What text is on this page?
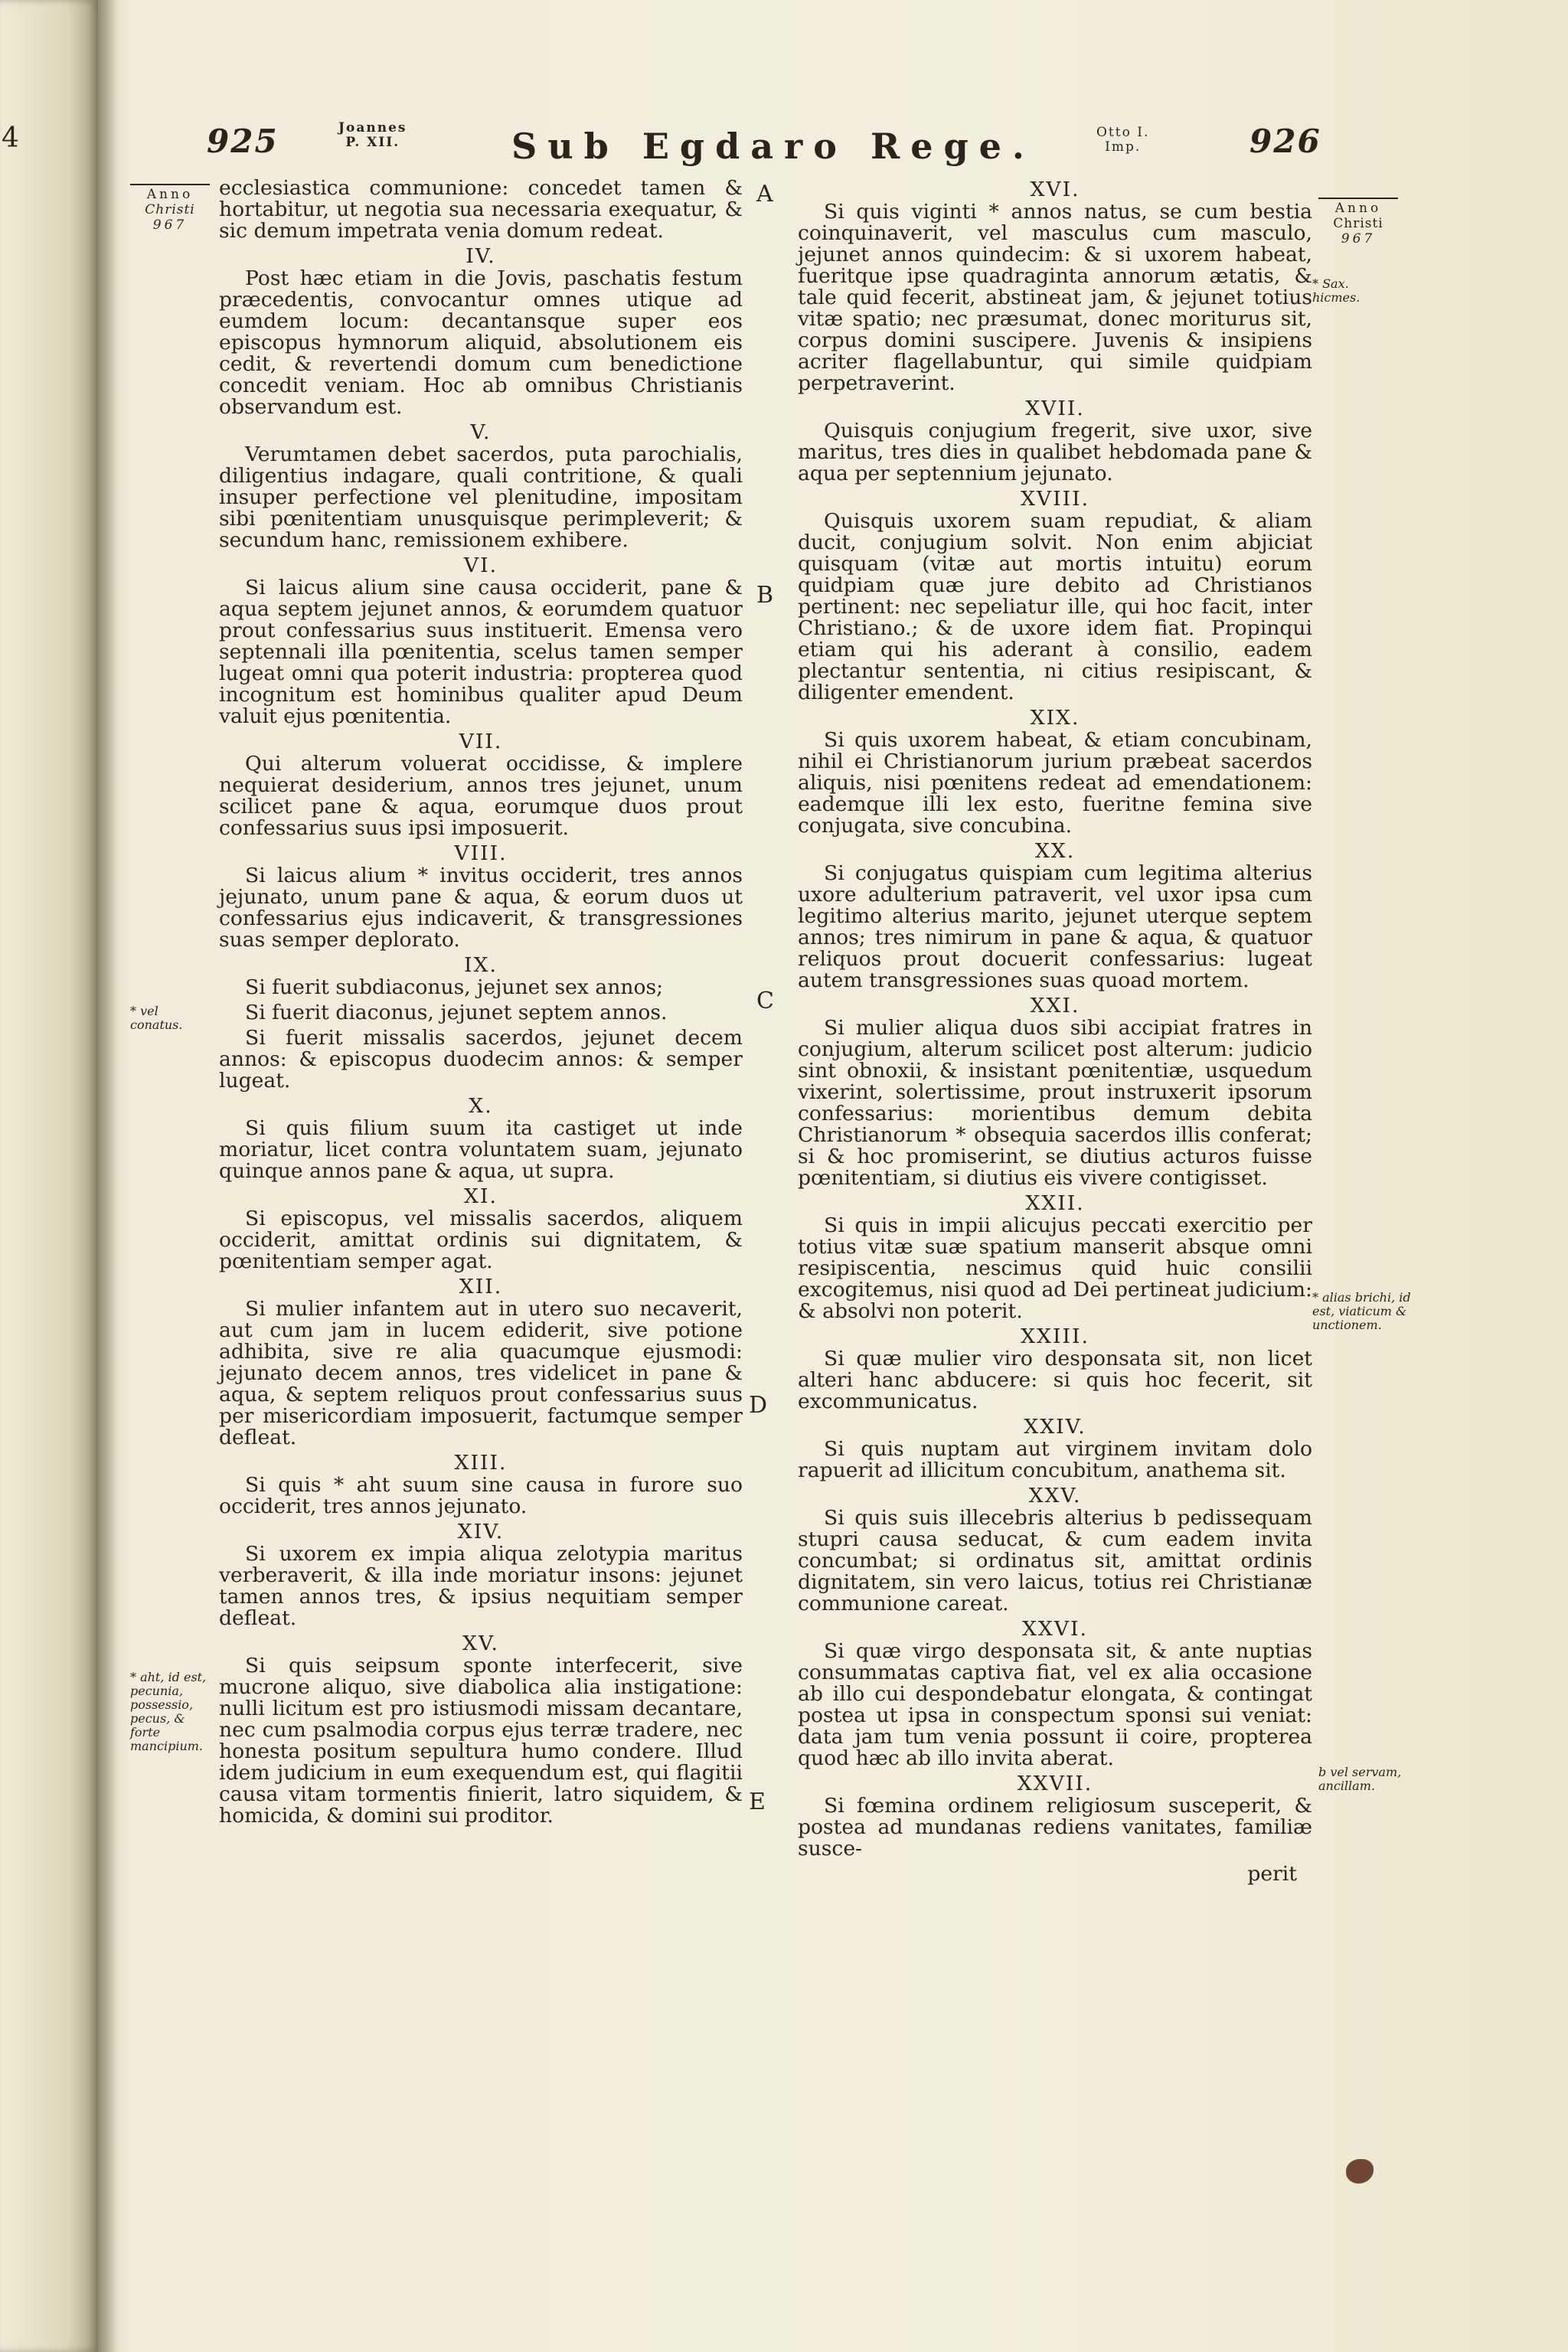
4	925	Joannes
P. XII.	Sub Egdaro Rege.	Otto I.
Imp.	926
Anno
Christi
967
Anno
Christi
967
* vel conatus.
* aht, id est, pecunia, possessio, pecus, & forte mancipium.
* Sax. hicmes.
* alias brichi, id est, viaticum & unctionem.
b vel servam, ancillam.
A
B
C
D
E

ecclesiastica communione: concedet tamen & hortabitur, ut negotia sua necessaria exequatur, & sic demum impetrata venia domum redeat.

IV.

Post hæc etiam in die Jovis, paschatis festum præcedentis, convocantur omnes utique ad eumdem locum: decantansque super eos episcopus hymnorum aliquid, absolutionem eis cedit, & revertendi domum cum benedictione concedit veniam. Hoc ab omnibus Christianis observandum est.

V.

Verumtamen debet sacerdos, puta parochialis, diligentius indagare, quali contritione, & quali insuper perfectione vel plenitudine, impositam sibi pœnitentiam unusquisque perimpleverit; & secundum hanc, remissionem exhibere.

VI.

Si laicus alium sine causa occiderit, pane & aqua septem jejunet annos, & eorumdem quatuor prout confessarius suus instituerit. Emensa vero septennali illa pœnitentia, scelus tamen semper lugeat omni qua poterit industria: propterea quod incognitum est hominibus qualiter apud Deum valuit ejus pœnitentia.

VII.

Qui alterum voluerat occidisse, & implere nequierat desiderium, annos tres jejunet, unum scilicet pane & aqua, eorumque duos prout confessarius suus ipsi imposuerit.

VIII.

Si laicus alium * invitus occiderit, tres annos jejunato, unum pane & aqua, & eorum duos ut confessarius ejus indicaverit, & transgressiones suas semper deplorato.

IX.

Si fuerit subdiaconus, jejunet sex annos;

Si fuerit diaconus, jejunet septem annos.

Si fuerit missalis sacerdos, jejunet decem annos: & episcopus duodecim annos: & semper lugeat.

X.

Si quis filium suum ita castiget ut inde moriatur, licet contra voluntatem suam, jejunato quinque annos pane & aqua, ut supra.

XI.

Si episcopus, vel missalis sacerdos, aliquem occiderit, amittat ordinis sui dignitatem, & pœnitentiam semper agat.

XII.

Si mulier infantem aut in utero suo necaverit, aut cum jam in lucem ediderit, sive potione adhibita, sive re alia quacumque ejusmodi: jejunato decem annos, tres videlicet in pane & aqua, & septem reliquos prout confessarius suus per misericordiam imposuerit, factumque semper defleat.

XIII.

Si quis * aht suum sine causa in furore suo occiderit, tres annos jejunato.

XIV.

Si uxorem ex impia aliqua zelotypia maritus verberaverit, & illa inde moriatur insons: jejunet tamen annos tres, & ipsius nequitiam semper defleat.

XV.

Si quis seipsum sponte interfecerit, sive mucrone aliquo, sive diabolica alia instigatione: nulli licitum est pro istiusmodi missam decantare, nec cum psalmodia corpus ejus terræ tradere, nec honesta positum sepultura humo condere. Illud idem judicium in eum exequendum est, qui flagitii causa vitam tormentis finierit, latro siquidem, & homicida, & domini sui proditor.

XVI.

Si quis viginti * annos natus, se cum bestia coinquinaverit, vel masculus cum masculo, jejunet annos quindecim: & si uxorem habeat, fueritque ipse quadraginta annorum ætatis, & tale quid fecerit, abstineat jam, & jejunet totius vitæ spatio; nec præsumat, donec moriturus sit, corpus domini suscipere. Juvenis & insipiens acriter flagellabuntur, qui simile quidpiam perpetraverint.

XVII.

Quisquis conjugium fregerit, sive uxor, sive maritus, tres dies in qualibet hebdomada pane & aqua per septennium jejunato.

XVIII.

Quisquis uxorem suam repudiat, & aliam ducit, conjugium solvit. Non enim abjiciat quisquam (vitæ aut mortis intuitu) eorum quidpiam quæ jure debito ad Christianos pertinent: nec sepeliatur ille, qui hoc facit, inter Christiano.; & de uxore idem fiat. Propinqui etiam qui his aderant à consilio, eadem plectantur sententia, ni citius resipiscant, & diligenter emendent.

XIX.

Si quis uxorem habeat, & etiam concubinam, nihil ei Christianorum jurium præbeat sacerdos aliquis, nisi pœnitens redeat ad emendationem: eademque illi lex esto, fueritne femina sive conjugata, sive concubina.

XX.

Si conjugatus quispiam cum legitima alterius uxore adulterium patraverit, vel uxor ipsa cum legitimo alterius marito, jejunet uterque septem annos; tres nimirum in pane & aqua, & quatuor reliquos prout docuerit confessarius: lugeat autem transgressiones suas quoad mortem.

XXI.

Si mulier aliqua duos sibi accipiat fratres in conjugium, alterum scilicet post alterum: judicio sint obnoxii, & insistant pœnitentiæ, usquedum vixerint, solertissime, prout instruxerit ipsorum confessarius: morientibus demum debita Christianorum * obsequia sacerdos illis conferat; si & hoc promiserint, se diutius acturos fuisse pœnitentiam, si diutius eis vivere contigisset.

XXII.

Si quis in impii alicujus peccati exercitio per totius vitæ suæ spatium manserit absque omni resipiscentia, nescimus quid huic consilii excogitemus, nisi quod ad Dei pertineat judicium: & absolvi non poterit.

XXIII.

Si quæ mulier viro desponsata sit, non licet alteri hanc abducere: si quis hoc fecerit, sit excommunicatus.

XXIV.

Si quis nuptam aut virginem invitam dolo rapuerit ad illicitum concubitum, anathema sit.

XXV.

Si quis suis illecebris alterius b pedissequam stupri causa seducat, & cum eadem invita concumbat; si ordinatus sit, amittat ordinis dignitatem, sin vero laicus, totius rei Christianæ communione careat.

XXVI.

Si quæ virgo desponsata sit, & ante nuptias consummatas captiva fiat, vel ex alia occasione ab illo cui despondebatur elongata, & contingat postea ut ipsa in conspectum sponsi sui veniat: data jam tum venia possunt ii coire, propterea quod hæc ab illo invita aberat.

XXVII.

Si fœmina ordinem religiosum susceperit, & postea ad mundanas rediens vanitates, familiæ susce-

perit
